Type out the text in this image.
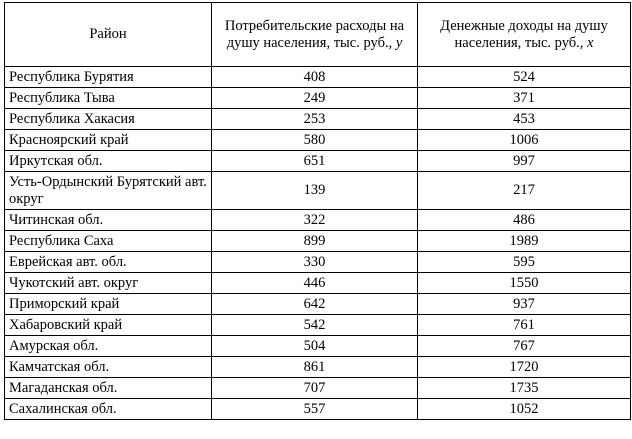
Район	Потребительские расходы на душу населения, тыс. руб., y	Денежные доходы на душу населения, тыс. руб., x
Республика Бурятия	408	524
Республика Тыва	249	371
Республика Хакасия	253	453
Красноярский край	580	1006
Иркутская обл.	651	997
Усть-Ордынский Бурятский авт. округ	139	217
Читинская обл.	322	486
Республика Саха	899	1989
Еврейская авт. обл.	330	595
Чукотский авт. округ	446	1550
Приморский край	642	937
Хабаровский край	542	761
Амурская обл.	504	767
Камчатская обл.	861	1720
Магаданская обл.	707	1735
Сахалинская обл.	557	1052
